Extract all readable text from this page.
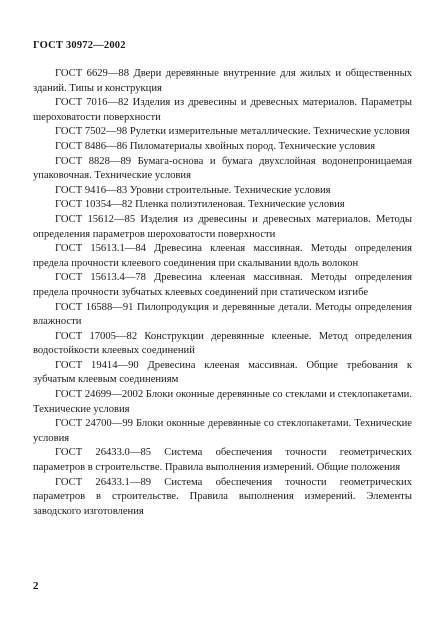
ГОСТ 30972—2002

ГОСТ 6629—88 Двери деревянные внутренние для жилых и общественных зданий. Типы и конструкция

ГОСТ 7016—82 Изделия из древесины и древесных материалов. Параметры шероховатости поверхности

ГОСТ 7502—98 Рулетки измерительные металлические. Технические условия

ГОСТ 8486—86 Пиломатериалы хвойных пород. Технические условия

ГОСТ 8828—89 Бумага-основа и бумага двухслойная водонепроницаемая упаковочная. Технические условия

ГОСТ 9416—83 Уровни строительные. Технические условия

ГОСТ 10354—82 Пленка полиэтиленовая. Технические условия

ГОСТ 15612—85 Изделия из древесины и древесных материалов. Методы определения параметров шероховатости поверхности

ГОСТ 15613.1—84 Древесина клееная массивная. Методы определения предела прочности клеевого соединения при скалывании вдоль волокон

ГОСТ 15613.4—78 Древесина клееная массивная. Методы определения предела прочности зубчатых клеевых соединений при статическом изгибе

ГОСТ 16588—91 Пилопродукция и деревянные детали. Методы определения влажности

ГОСТ 17005—82 Конструкции деревянные клееные. Метод определения водостойкости клеевых соединений

ГОСТ 19414—90 Древесина клееная массивная. Общие требования к зубчатым клеевым соединениям

ГОСТ 24699—2002 Блоки оконные деревянные со стеклами и стеклопакетами. Технические условия

ГОСТ 24700—99 Блоки оконные деревянные со стеклопакетами. Технические условия

ГОСТ 26433.0—85 Система обеспечения точности геометрических параметров в строительстве. Правила выполнения измерений. Общие положения

ГОСТ 26433.1—89 Система обеспечения точности геометрических параметров в строительстве. Правила выполнения измерений. Элементы заводского изготовления

2
